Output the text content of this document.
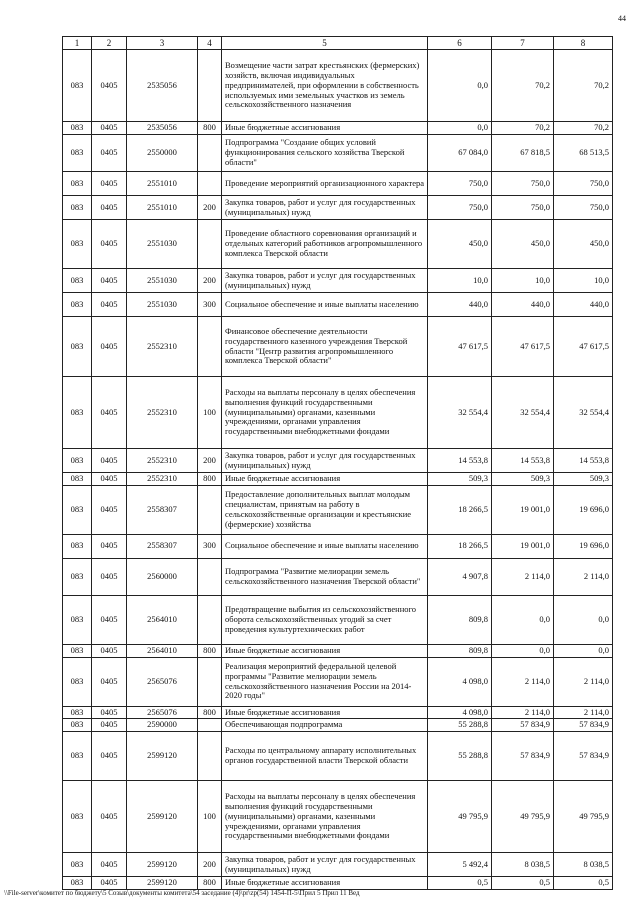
44
1	2	3	4	5	6	7	8
083	0405	2535056		Возмещение части затрат крестьянских (фермерских) хозяйств, включая индивидуальных предпринимателей, при оформлении в собственность используемых ими земельных участков из земель сельскохозяйственного назначения	0,0	70,2	70,2
083	0405	2535056	800	Иные бюджетные ассигнования	0,0	70,2	70,2
083	0405	2550000		Подпрограмма "Создание общих условий функционирования сельского хозяйства Тверской области"	67 084,0	67 818,5	68 513,5
083	0405	2551010		Проведение мероприятий организационного характера	750,0	750,0	750,0
083	0405	2551010	200	Закупка товаров, работ и услуг для государственных (муниципальных) нужд	750,0	750,0	750,0
083	0405	2551030		Проведение областного соревнования организаций и отдельных категорий работников агропромышленного комплекса Тверской области	450,0	450,0	450,0
083	0405	2551030	200	Закупка товаров, работ и услуг для государственных (муниципальных) нужд	10,0	10,0	10,0
083	0405	2551030	300	Социальное обеспечение и иные выплаты населению	440,0	440,0	440,0
083	0405	2552310		Финансовое обеспечение деятельности государственного казенного учреждения Тверской области "Центр развития агропромышленного комплекса Тверской области"	47 617,5	47 617,5	47 617,5
083	0405	2552310	100	Расходы на выплаты персоналу в целях обеспечения выполнения функций государственными (муниципальными) органами, казенными учреждениями, органами управления государственными внебюджетными фондами	32 554,4	32 554,4	32 554,4
083	0405	2552310	200	Закупка товаров, работ и услуг для государственных (муниципальных) нужд	14 553,8	14 553,8	14 553,8
083	0405	2552310	800	Иные бюджетные ассигнования	509,3	509,3	509,3
083	0405	2558307		Предоставление дополнительных выплат молодым специалистам, принятым на работу в сельскохозяйственные организации и крестьянские (фермерские) хозяйства	18 266,5	19 001,0	19 696,0
083	0405	2558307	300	Социальное обеспечение и иные выплаты населению	18 266,5	19 001,0	19 696,0
083	0405	2560000		Подпрограмма "Развитие мелиорации земель сельскохозяйственного назначения Тверской области"	4 907,8	2 114,0	2 114,0
083	0405	2564010		Предотвращение выбытия из сельскохозяйственного оборота сельскохозяйственных угодий за счет проведения культуртехнических работ	809,8	0,0	0,0
083	0405	2564010	800	Иные бюджетные ассигнования	809,8	0,0	0,0
083	0405	2565076		Реализация мероприятий федеральной целевой программы "Развитие мелиорации земель сельскохозяйственного назначения России на 2014-2020 годы"	4 098,0	2 114,0	2 114,0
083	0405	2565076	800	Иные бюджетные ассигнования	4 098,0	2 114,0	2 114,0
083	0405	2590000		Обеспечивающая подпрограмма	55 288,8	57 834,9	57 834,9
083	0405	2599120		Расходы по центральному аппарату исполнительных органов государственной власти Тверской области	55 288,8	57 834,9	57 834,9
083	0405	2599120	100	Расходы на выплаты персоналу в целях обеспечения выполнения функций государственными (муниципальными) органами, казенными учреждениями, органами управления государственными внебюджетными фондами	49 795,9	49 795,9	49 795,9
083	0405	2599120	200	Закупка товаров, работ и услуг для государственных (муниципальных) нужд	5 492,4	8 038,5	8 038,5
083	0405	2599120	800	Иные бюджетные ассигнования	0,5	0,5	0,5
\\File-server\комитет по бюджету\5 Созыв\документы комитета\54 заседание (4)\pr\zp(54) 1454-П-5\Прил 5 Прил 11 Вед
